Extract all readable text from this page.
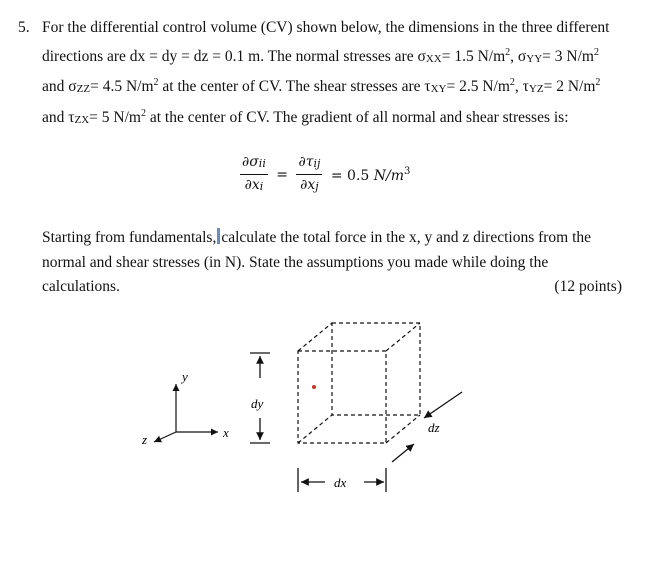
5. For the differential control volume (CV) shown below, the dimensions in the three different directions are dx = dy = dz = 0.1 m. The normal stresses are σXX= 1.5 $N/m^2$, σYY= 3 $N/m^2$ and σZZ= 4.5 $N/m^2$ at the center of CV. The shear stresses are τXY= 2.5 $N/m^2$, τYZ= 2 $N/m^2$ and τZX= 5 $N/m^2$ at the center of CV. The gradient of all normal and shear stresses is:

$\frac{\text{∂σii}}{\partial xi} = \frac{\text{∂τij}}{\partial xj} = 0.5$ $N/m^3$

Starting from fundamentals, calculate the total force in the x, y and z directions from the normal and shear stresses (in N). State the assumptions you made while doing the calculations.	(12 points)
y
x
z
dy
dx
dz
